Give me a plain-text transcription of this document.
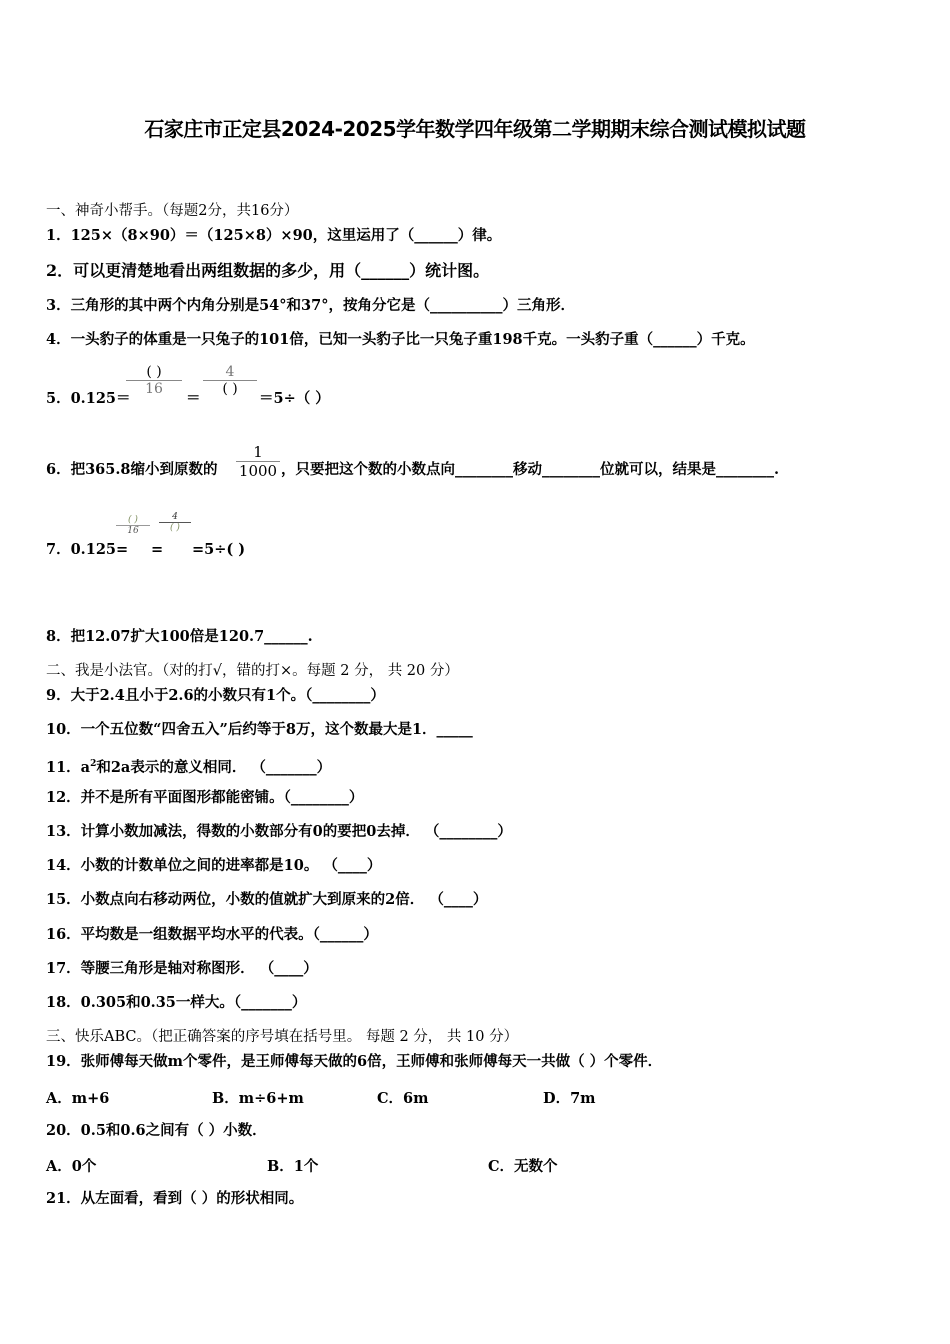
石家庄市正定县2024-2025学年数学四年级第二学期期末综合测试模拟试题
一、神奇小帮手。（每题2分，共16分）
1．125×（8×90）＝（125×8）×90，这里运用了（______）律。
2．可以更清楚地看出两组数据的多少，用（______）统计图。
3．三角形的其中两个内角分别是54°和37°，按角分它是（__________）三角形．
4．一头豹子的体重是一只兔子的101倍，已知一头豹子比一只兔子重198千克。一头豹子重（______）千克。
5．0.125＝
( )
16
＝
4
( )
＝5÷（ ）
6．把365.8缩小到原数的
1
1000 ，只要把这个数的小数点向________移动________位就可以，结果是________.
7．0.125=
( )
16
=
4
( )
=5÷( )
8．把12.07扩大100倍是120.7______.
二、我是小法官。（对的打√，错的打×。每题 2 分， 共 20 分）
9．大于2.4且小于2.6的小数只有1个。（________）
10．一个五位数“四舍五入”后约等于8万，这个数最大是1．_____
11．$a^2$和2a表示的意义相同． （_______）
12．并不是所有平面图形都能密铺。（________）
13．计算小数加减法，得数的小数部分有0的要把0去掉． （________）
14．小数的计数单位之间的进率都是10。 （____）
15．小数点向右移动两位，小数的值就扩大到原来的2倍． （____）
16．平均数是一组数据平均水平的代表。（______）
17．等腰三角形是轴对称图形． （____）
18．0.305和0.35一样大。（_______）
三、快乐ABC。（把正确答案的序号填在括号里。 每题 2 分， 共 10 分）
19．张师傅每天做m个零件，是王师傅每天做的6倍，王师傅和张师傅每天一共做（ ）个零件．
A．m+6	B．m÷6+m	C．6m	D．7m
20．0.5和0.6之间有（ ）小数．
A．0个	B．1个	C．无数个
21．从左面看，看到（ ）的形状相同。
